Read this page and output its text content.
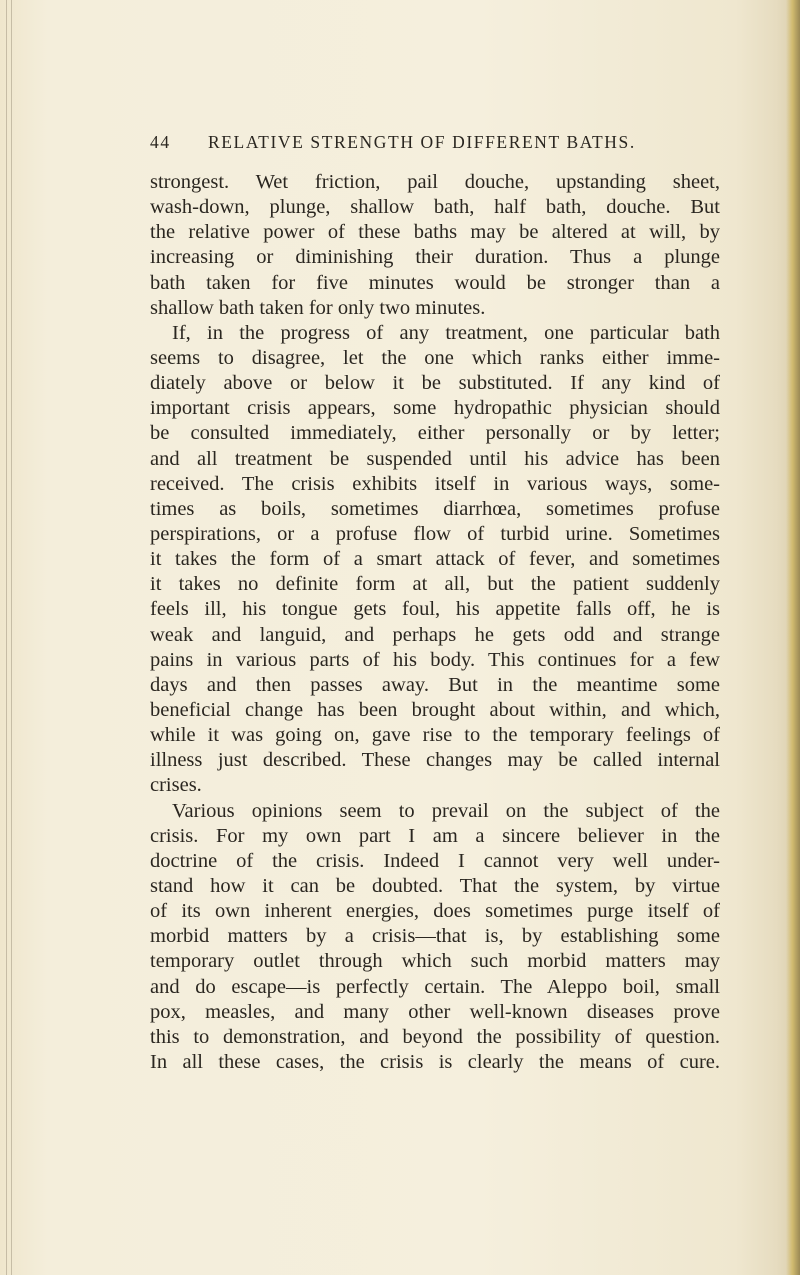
44 RELATIVE STRENGTH OF DIFFERENT BATHS.
strongest. Wet friction, pail douche, upstanding sheet,
wash-down, plunge, shallow bath, half bath, douche. But
the relative power of these baths may be altered at will, by
increasing or diminishing their duration. Thus a plunge
bath taken for five minutes would be stronger than a
shallow bath taken for only two minutes.
If, in the progress of any treatment, one particular bath
seems to disagree, let the one which ranks either imme-
diately above or below it be substituted. If any kind of
important crisis appears, some hydropathic physician should
be consulted immediately, either personally or by letter;
and all treatment be suspended until his advice has been
received. The crisis exhibits itself in various ways, some-
times as boils, sometimes diarrhœa, sometimes profuse
perspirations, or a profuse flow of turbid urine. Sometimes
it takes the form of a smart attack of fever, and sometimes
it takes no definite form at all, but the patient suddenly
feels ill, his tongue gets foul, his appetite falls off, he is
weak and languid, and perhaps he gets odd and strange
pains in various parts of his body. This continues for a few
days and then passes away. But in the meantime some
beneficial change has been brought about within, and which,
while it was going on, gave rise to the temporary feelings of
illness just described. These changes may be called internal
crises.
Various opinions seem to prevail on the subject of the
crisis. For my own part I am a sincere believer in the
doctrine of the crisis. Indeed I cannot very well under-
stand how it can be doubted. That the system, by virtue
of its own inherent energies, does sometimes purge itself of
morbid matters by a crisis—that is, by establishing some
temporary outlet through which such morbid matters may
and do escape—is perfectly certain. The Aleppo boil, small
pox, measles, and many other well-known diseases prove
this to demonstration, and beyond the possibility of question.
In all these cases, the crisis is clearly the means of cure.
